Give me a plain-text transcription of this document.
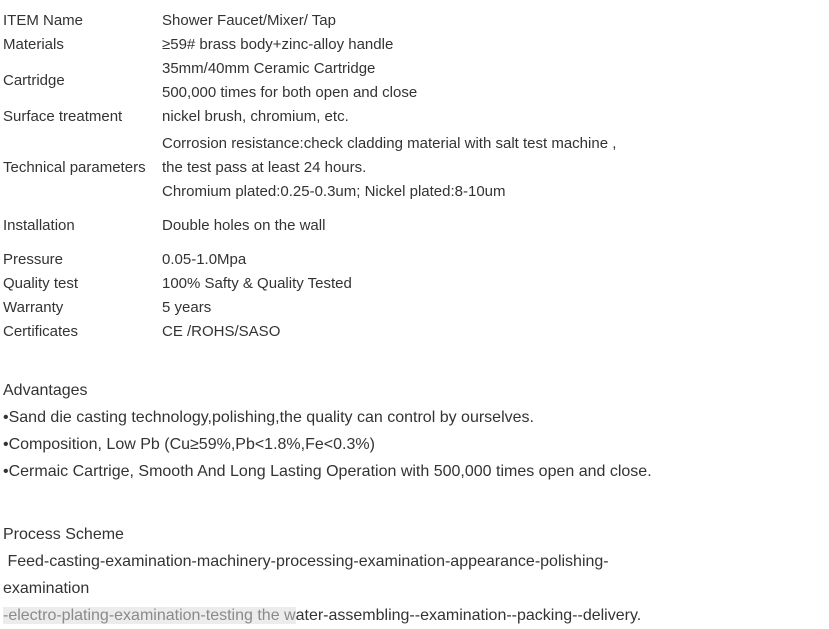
ITEM Name	Shower Faucet/Mixer/ Tap
Materials	≥59# brass body+zinc-alloy handle
Cartridge	35mm/40mm Ceramic Cartridge
500,000 times for both open and close

Surface treatment	nickel brush, chromium, etc.
Technical parameters	Corrosion resistance:check cladding material with salt test machine ,
the test pass at least 24 hours.
Chromium plated:0.25-0.3um; Nickel plated:8-10um

Installation	Double holes on the wall
Pressure	0.05-1.0Mpa
Quality test	100% Safty & Quality Tested
Warranty	5 years
Certificates	CE /ROHS/SASO

Advantages

•Sand die casting technology,polishing,the quality can control by ourselves.

•Composition, Low Pb (Cu≥59%,Pb<1.8%,Fe<0.3%)

•Cermaic Cartrige, Smooth And Long Lasting Operation with 500,000 times open and close.

Process Scheme

Feed-casting-examination-machinery-processing-examination-appearance-polishing-

examination

-electro-plating-examination-testing the water-assembling--examination--packing--delivery.
